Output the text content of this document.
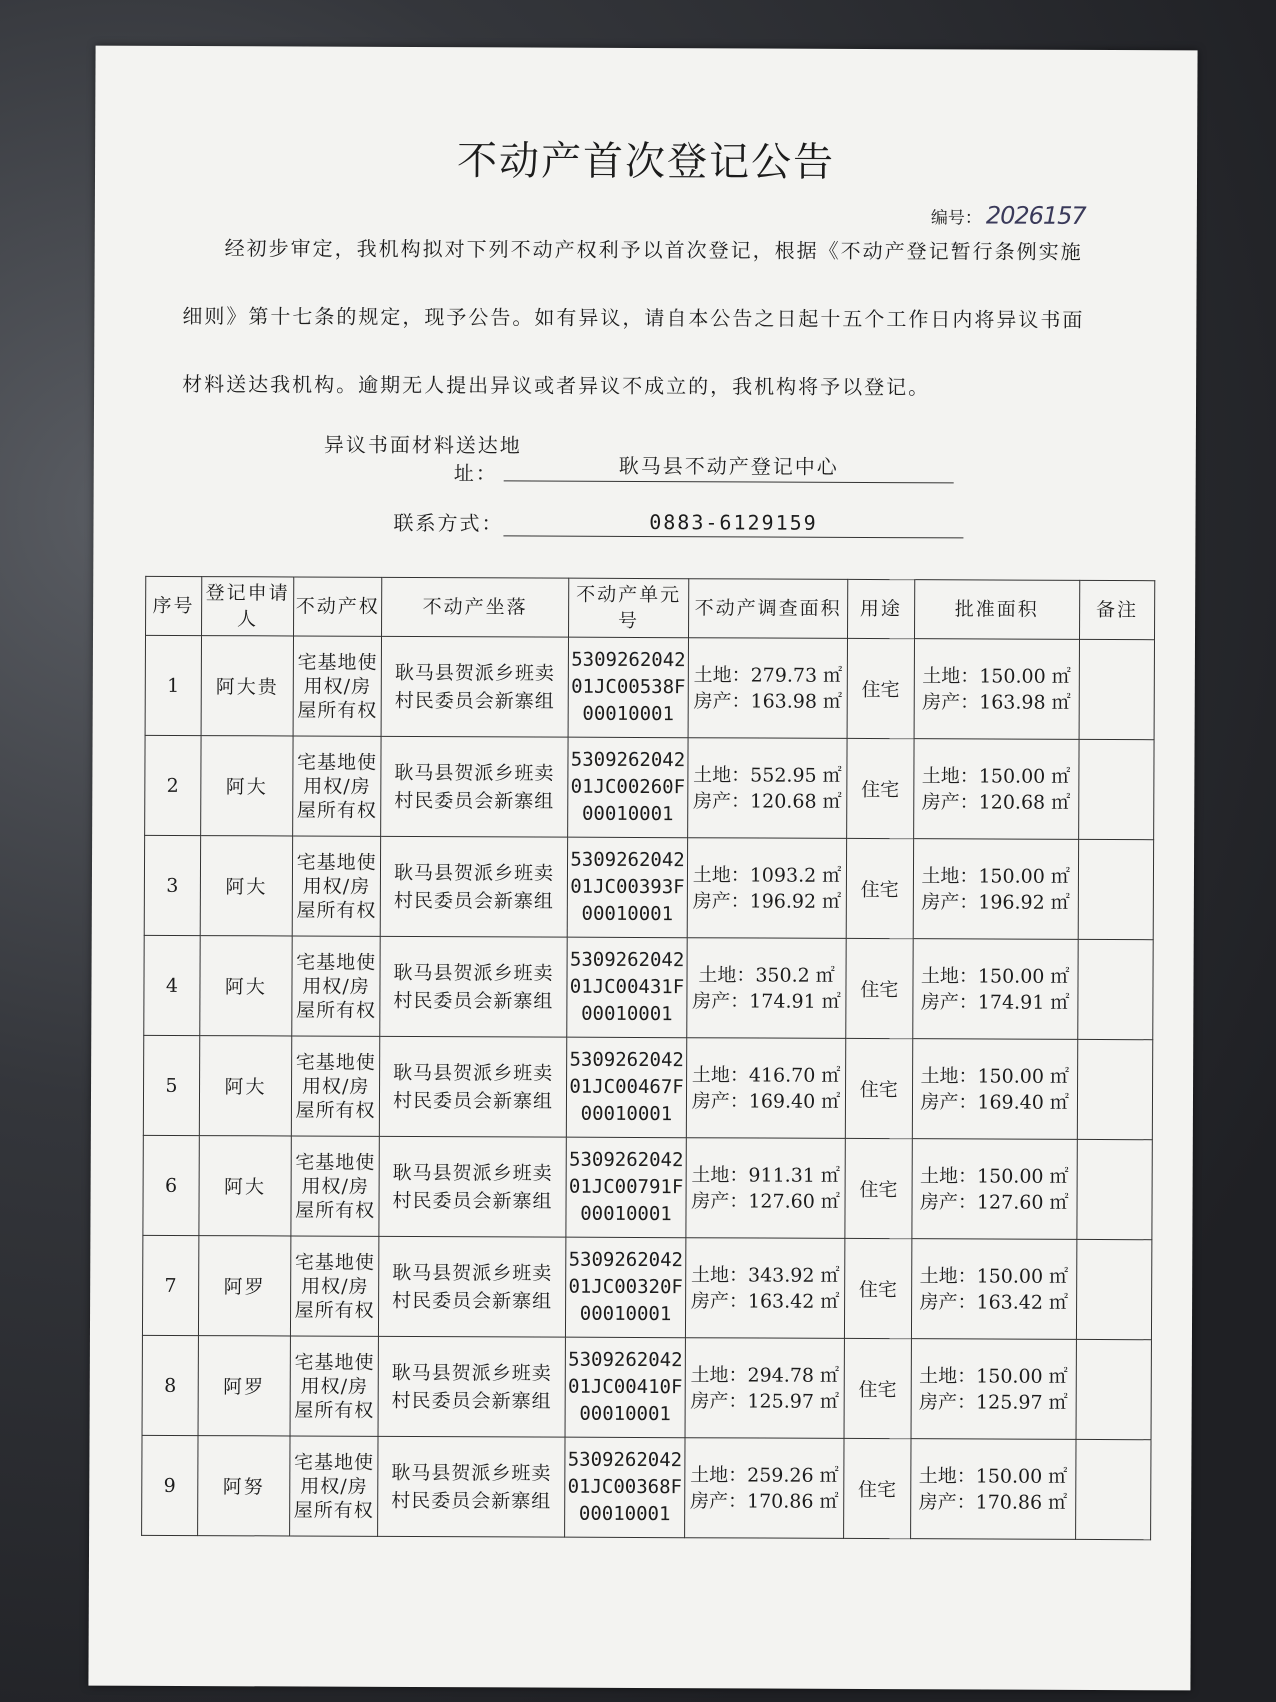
不动产首次登记公告
编号： 2026157
经初步审定，我机构拟对下列不动产权利予以首次登记，根据《不动产登记暂行条例实施
细则》第十七条的规定，现予公告。如有异议，请自本公告之日起十五个工作日内将异议书面
材料送达我机构。逾期无人提出异议或者异议不成立的，我机构将予以登记。
异议书面材料送达地
址：	耿马县不动产登记中心
联系方式：	0883-6129159
序号	登记申请人	不动产权	不动产坐落	不动产单元号	不动产调查面积	用途	批准面积	备注
1	阿大贵	宅基地使
用权/房
屋所有权	耿马县贺派乡班卖
村民委员会新寨组	5309262042
01JC00538F
00010001	土地：279.73 ㎡
房产：163.98 ㎡	住宅	土地：150.00 ㎡
房产：163.98 ㎡	

2	阿大	宅基地使
用权/房
屋所有权	耿马县贺派乡班卖
村民委员会新寨组	5309262042
01JC00260F
00010001	土地：552.95 ㎡
房产：120.68 ㎡	住宅	土地：150.00 ㎡
房产：120.68 ㎡	

3	阿大	宅基地使
用权/房
屋所有权	耿马县贺派乡班卖
村民委员会新寨组	5309262042
01JC00393F
00010001	土地：1093.2 ㎡
房产：196.92 ㎡	住宅	土地：150.00 ㎡
房产：196.92 ㎡	

4	阿大	宅基地使
用权/房
屋所有权	耿马县贺派乡班卖
村民委员会新寨组	5309262042
01JC00431F
00010001	土地：350.2 ㎡
房产：174.91 ㎡	住宅	土地：150.00 ㎡
房产：174.91 ㎡	

5	阿大	宅基地使
用权/房
屋所有权	耿马县贺派乡班卖
村民委员会新寨组	5309262042
01JC00467F
00010001	土地：416.70 ㎡
房产：169.40 ㎡	住宅	土地：150.00 ㎡
房产：169.40 ㎡	

6	阿大	宅基地使
用权/房
屋所有权	耿马县贺派乡班卖
村民委员会新寨组	5309262042
01JC00791F
00010001	土地：911.31 ㎡
房产：127.60 ㎡	住宅	土地：150.00 ㎡
房产：127.60 ㎡	

7	阿罗	宅基地使
用权/房
屋所有权	耿马县贺派乡班卖
村民委员会新寨组	5309262042
01JC00320F
00010001	土地：343.92 ㎡
房产：163.42 ㎡	住宅	土地：150.00 ㎡
房产：163.42 ㎡	

8	阿罗	宅基地使
用权/房
屋所有权	耿马县贺派乡班卖
村民委员会新寨组	5309262042
01JC00410F
00010001	土地：294.78 ㎡
房产：125.97 ㎡	住宅	土地：150.00 ㎡
房产：125.97 ㎡	

9	阿努	宅基地使
用权/房
屋所有权	耿马县贺派乡班卖
村民委员会新寨组	5309262042
01JC00368F
00010001	土地：259.26 ㎡
房产：170.86 ㎡	住宅	土地：150.00 ㎡
房产：170.86 ㎡	
